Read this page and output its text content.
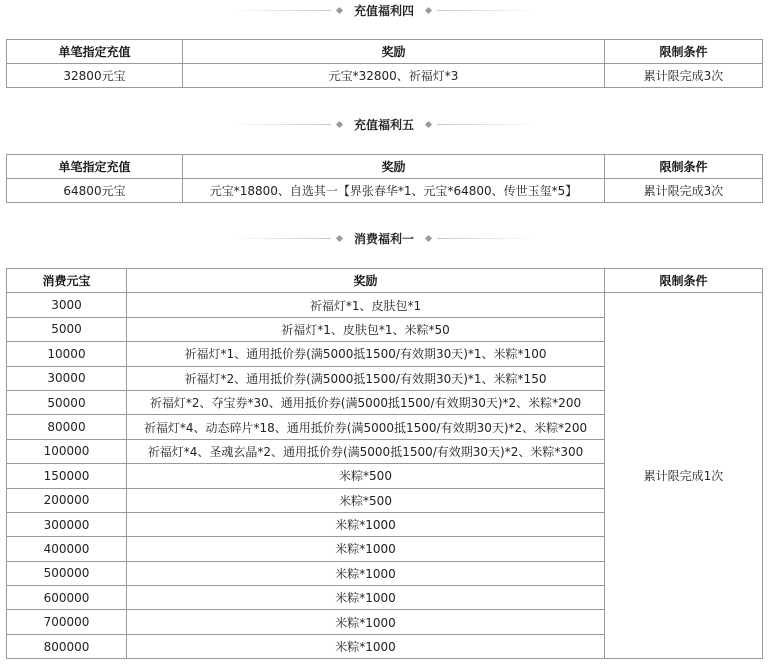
充值福利四
单笔指定充值	奖励	限制条件
32800元宝	元宝*32800、祈福灯*3	累计限完成3次
充值福利五
单笔指定充值	奖励	限制条件
64800元宝	元宝*18800、自选其一【界张春华*1、元宝*64800、传世玉玺*5】	累计限完成3次
消费福利一
消费元宝	奖励	限制条件
3000	祈福灯*1、皮肤包*1	累计限完成1次
5000	祈福灯*1、皮肤包*1、米粽*50	
10000	祈福灯*1、通用抵价券(满5000抵1500/有效期30天)*1、米粽*100	
30000	祈福灯*2、通用抵价券(满5000抵1500/有效期30天)*1、米粽*150	
50000	祈福灯*2、夺宝券*30、通用抵价券(满5000抵1500/有效期30天)*2、米粽*200	
80000	祈福灯*4、动态碎片*18、通用抵价券(满5000抵1500/有效期30天)*2、米粽*200	
100000	祈福灯*4、圣魂玄晶*2、通用抵价券(满5000抵1500/有效期30天)*2、米粽*300	
150000	米粽*500	
200000	米粽*500	
300000	米粽*1000	
400000	米粽*1000	
500000	米粽*1000	
600000	米粽*1000	
700000	米粽*1000	
800000	米粽*1000	
